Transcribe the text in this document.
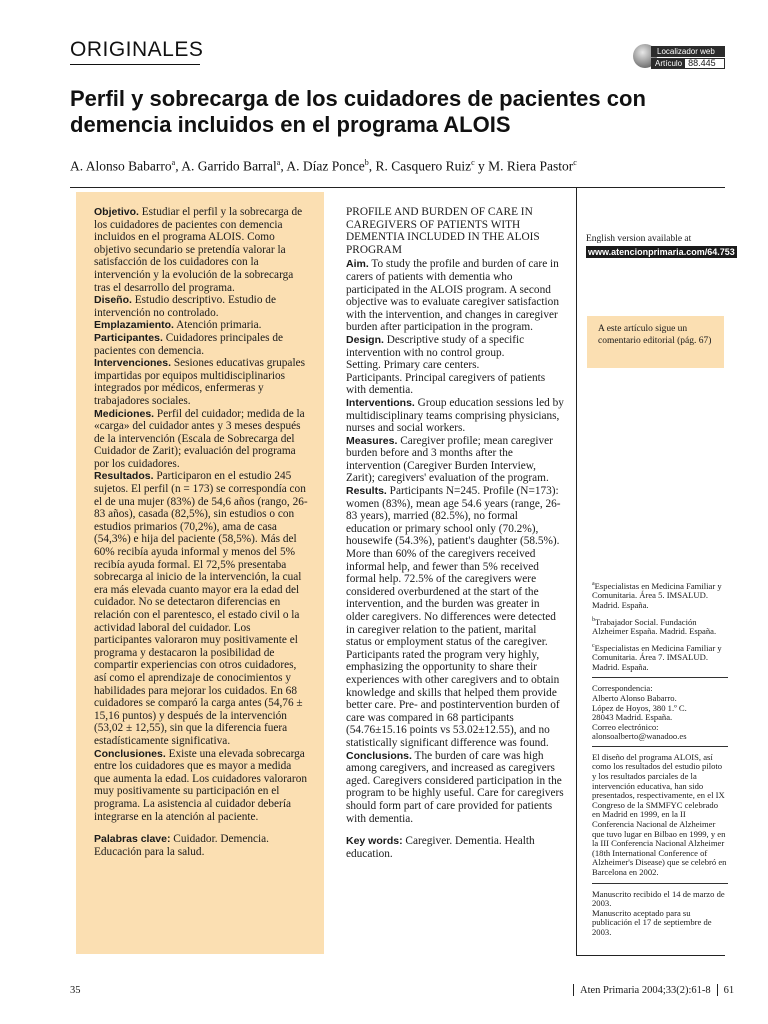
ORIGINALES	Localizador web
Artículo 88.445
Perfil y sobrecarga de los cuidadores de pacientes con demencia incluidos en el programa ALOIS
A. Alonso Babarro$^a$, A. Garrido Barral$^a$, A. Díaz Ponce$^b$, R. Casquero Ruiz$^c$ y M. Riera Pastor$^c$

Objetivo. Estudiar el perfil y la sobrecarga de los cuidadores de pacientes con demencia incluidos en el programa ALOIS. Como objetivo secundario se pretendía valorar la satisfacción de los cuidadores con la intervención y la evolución de la sobrecarga tras el desarrollo del programa.

Diseño. Estudio descriptivo. Estudio de intervención no controlado.

Emplazamiento. Atención primaria.

Participantes. Cuidadores principales de pacientes con demencia.

Intervenciones. Sesiones educativas grupales impartidas por equipos multidisciplinarios integrados por médicos, enfermeras y trabajadores sociales.

Mediciones. Perfil del cuidador; medida de la «carga» del cuidador antes y 3 meses después de la intervención (Escala de Sobrecarga del Cuidador de Zarit); evaluación del programa por los cuidadores.

Resultados. Participaron en el estudio 245 sujetos. El perfil (n = 173) se correspondía con el de una mujer (83%) de 54,6 años (rango, 26-83 años), casada (82,5%), sin estudios o con estudios primarios (70,2%), ama de casa (54,3%) e hija del paciente (58,5%). Más del 60% recibía ayuda informal y menos del 5% recibía ayuda formal. El 72,5% presentaba sobrecarga al inicio de la intervención, la cual era más elevada cuanto mayor era la edad del cuidador. No se detectaron diferencias en relación con el parentesco, el estado civil o la actividad laboral del cuidador. Los participantes valoraron muy positivamente el programa y destacaron la posibilidad de compartir experiencias con otros cuidadores, así como el aprendizaje de conocimientos y habilidades para mejorar los cuidados. En 68 cuidadores se comparó la carga antes (54,76 ± 15,16 puntos) y después de la intervención (53,02 ± 12,55), sin que la diferencia fuera estadísticamente significativa.

Conclusiones. Existe una elevada sobrecarga entre los cuidadores que es mayor a medida que aumenta la edad. Los cuidadores valoraron muy positivamente su participación en el programa. La asistencia al cuidador debería integrarse en la atención al paciente.

Palabras clave: Cuidador. Demencia. Educación para la salud.

PROFILE AND BURDEN OF CARE IN CAREGIVERS OF PATIENTS WITH DEMENTIA INCLUDED IN THE ALOIS PROGRAM

Aim. To study the profile and burden of care in carers of patients with dementia who participated in the ALOIS program. A second objective was to evaluate caregiver satisfaction with the intervention, and changes in caregiver burden after participation in the program.

Design. Descriptive study of a specific intervention with no control group.

Setting. Primary care centers.

Participants. Principal caregivers of patients with dementia.

Interventions. Group education sessions led by multidisciplinary teams comprising physicians, nurses and social workers.

Measures. Caregiver profile; mean caregiver burden before and 3 months after the intervention (Caregiver Burden Interview, Zarit); caregivers' evaluation of the program.

Results. Participants N=245. Profile (N=173): women (83%), mean age 54.6 years (range, 26-83 years), married (82.5%), no formal education or primary school only (70.2%), housewife (54.3%), patient's daughter (58.5%). More than 60% of the caregivers received informal help, and fewer than 5% received formal help. 72.5% of the caregivers were considered overburdened at the start of the intervention, and the burden was greater in older caregivers. No differences were detected in caregiver relation to the patient, marital status or employment status of the caregiver. Participants rated the program very highly, emphasizing the opportunity to share their experiences with other caregivers and to obtain knowledge and skills that helped them provide better care. Pre- and postintervention burden of care was compared in 68 participants (54.76±15.16 points vs 53.02±12.55), and no statistically significant difference was found.

Conclusions. The burden of care was high among caregivers, and increased as caregivers aged. Caregivers considered participation in the program to be highly useful. Care for caregivers should form part of care provided for patients with dementia.

Key words: Caregiver. Dementia. Health education.

English version available at
www.atencionprimaria.com/64.753
A este artículo sigue un comentario editorial (pág. 67)

$^a$Especialistas en Medicina Familiar y Comunitaria. Área 5. IMSALUD. Madrid. España.

$^b$Trabajador Social. Fundación Alzheimer España. Madrid. España.

$^c$Especialistas en Medicina Familiar y Comunitaria. Área 7. IMSALUD. Madrid. España.

Correspondencia:
Alberto Alonso Babarro.
López de Hoyos, 380 1.º C.
28043 Madrid. España.
Correo electrónico:
alonsoalberto@wanadoo.es

El diseño del programa ALOIS, así como los resultados del estudio piloto y los resultados parciales de la intervención educativa, han sido presentados, respectivamente, en el IX Congreso de la SMMFYC celebrado en Madrid en 1999, en la II Conferencia Nacional de Alzheimer que tuvo lugar en Bilbao en 1999, y en la III Conferencia Nacional Alzheimer (18th International Conference of Alzheimer's Disease) que se celebró en Barcelona en 2002.

Manuscrito recibido el 14 de marzo de 2003.
Manuscrito aceptado para su publicación el 17 de septiembre de 2003.
35	Aten Primaria 2004;33(2):61-8 61
